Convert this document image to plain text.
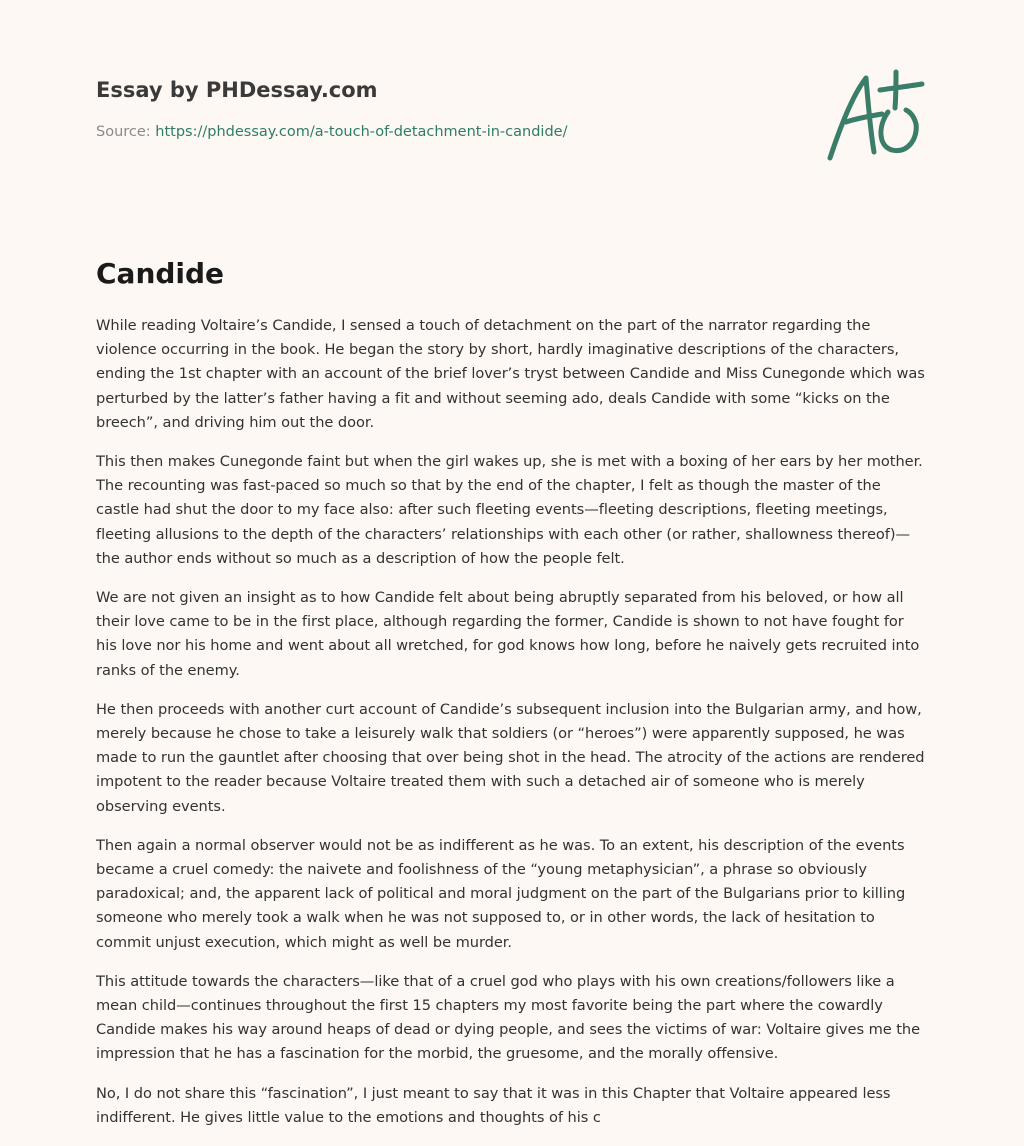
Essay by PHDessay.com
Source: https://phdessay.com/a-touch-of-detachment-in-candide/
Candide

While reading Voltaire’s Candide, I sensed a touch of detachment on the part of the narrator regarding the violence occurring in the book. He began the story by short, hardly imaginative descriptions of the characters, ending the 1st chapter with an account of the brief lover’s tryst between Candide and Miss Cunegonde which was perturbed by the latter’s father having a fit and without seeming ado, deals Candide with some “kicks on the breech”, and driving him out the door.

This then makes Cunegonde faint but when the girl wakes up, she is met with a boxing of her ears by her mother. The recounting was fast-paced so much so that by the end of the chapter, I felt as though the master of the castle had shut the door to my face also: after such fleeting events—fleeting descriptions, fleeting meetings, fleeting allusions to the depth of the characters’ relationships with each other (or rather, shallowness thereof)—the author ends without so much as a description of how the people felt.

We are not given an insight as to how Candide felt about being abruptly separated from his beloved, or how all their love came to be in the first place, although regarding the former, Candide is shown to not have fought for his love nor his home and went about all wretched, for god knows how long, before he naively gets recruited into ranks of the enemy.

He then proceeds with another curt account of Candide’s subsequent inclusion into the Bulgarian army, and how, merely because he chose to take a leisurely walk that soldiers (or “heroes”) were apparently supposed, he was made to run the gauntlet after choosing that over being shot in the head. The atrocity of the actions are rendered impotent to the reader because Voltaire treated them with such a detached air of someone who is merely observing events.

Then again a normal observer would not be as indifferent as he was. To an extent, his description of the events became a cruel comedy: the naivete and foolishness of the “young metaphysician”, a phrase so obviously paradoxical; and, the apparent lack of political and moral judgment on the part of the Bulgarians prior to killing someone who merely took a walk when he was not supposed to, or in other words, the lack of hesitation to commit unjust execution, which might as well be murder.

This attitude towards the characters—like that of a cruel god who plays with his own creations/followers like a mean child—continues throughout the first 15 chapters my most favorite being the part where the cowardly Candide makes his way around heaps of dead or dying people, and sees the victims of war: Voltaire gives me the impression that he has a fascination for the morbid, the gruesome, and the morally offensive.

No, I do not share this “fascination”, I just meant to say that it was in this Chapter that Voltaire appeared less indifferent. He gives little value to the emotions and thoughts of his c
